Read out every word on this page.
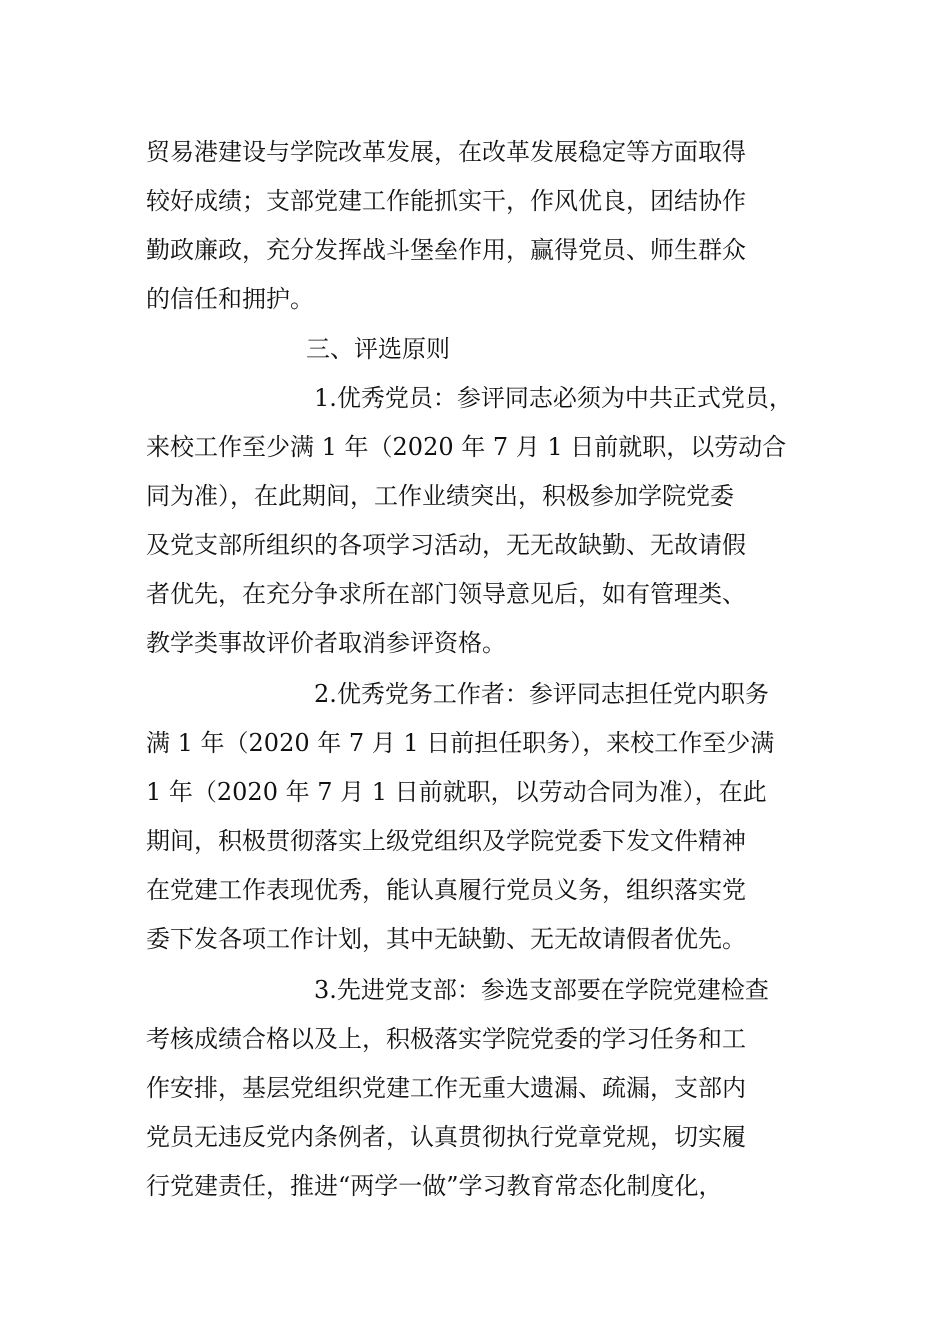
贸易港建设与学院改革发展，在改革发展稳定等方面取得
较好成绩；支部党建工作能抓实干，作风优良，团结协作
勤政廉政，充分发挥战斗堡垒作用，赢得党员、师生群众
的信任和拥护。
三、评选原则
1.优秀党员：参评同志必须为中共正式党员，
来校工作至少满 1 年（2020 年 7 月 1 日前就职，以劳动合
同为准），在此期间，工作业绩突出，积极参加学院党委
及党支部所组织的各项学习活动，无无故缺勤、无故请假
者优先，在充分争求所在部门领导意见后，如有管理类、
教学类事故评价者取消参评资格。
2.优秀党务工作者：参评同志担任党内职务
满 1 年（2020 年 7 月 1 日前担任职务），来校工作至少满
1 年（2020 年 7 月 1 日前就职，以劳动合同为准），在此
期间，积极贯彻落实上级党组织及学院党委下发文件精神
在党建工作表现优秀，能认真履行党员义务，组织落实党
委下发各项工作计划，其中无缺勤、无无故请假者优先。
3.先进党支部：参选支部要在学院党建检查
考核成绩合格以及上，积极落实学院党委的学习任务和工
作安排，基层党组织党建工作无重大遗漏、疏漏，支部内
党员无违反党内条例者，认真贯彻执行党章党规，切实履
行党建责任，推进“两学一做”学习教育常态化制度化，
